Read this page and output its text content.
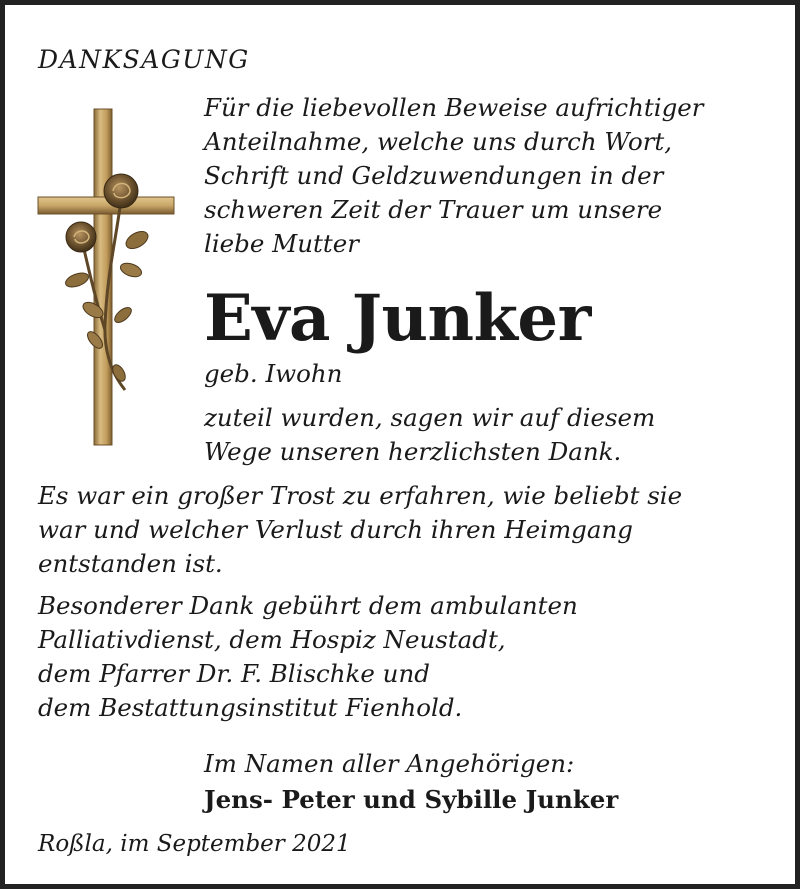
DANKSAGUNG
Für die liebevollen Beweise aufrichtiger
Anteilnahme, welche uns durch Wort,
Schrift und Geldzuwendungen in der
schweren Zeit der Trauer um unsere
liebe Mutter
Eva Junker
geb. Iwohn
zuteil wurden, sagen wir auf diesem
Wege unseren herzlichsten Dank.
Es war ein großer Trost zu erfahren, wie beliebt sie
war und welcher Verlust durch ihren Heimgang
entstanden ist.
Besonderer Dank gebührt dem ambulanten
Palliativdienst, dem Hospiz Neustadt,
dem Pfarrer Dr. F. Blischke und
dem Bestattungsinstitut Fienhold.
Im Namen aller Angehörigen:
Jens- Peter und Sybille Junker
Roßla, im September 2021
